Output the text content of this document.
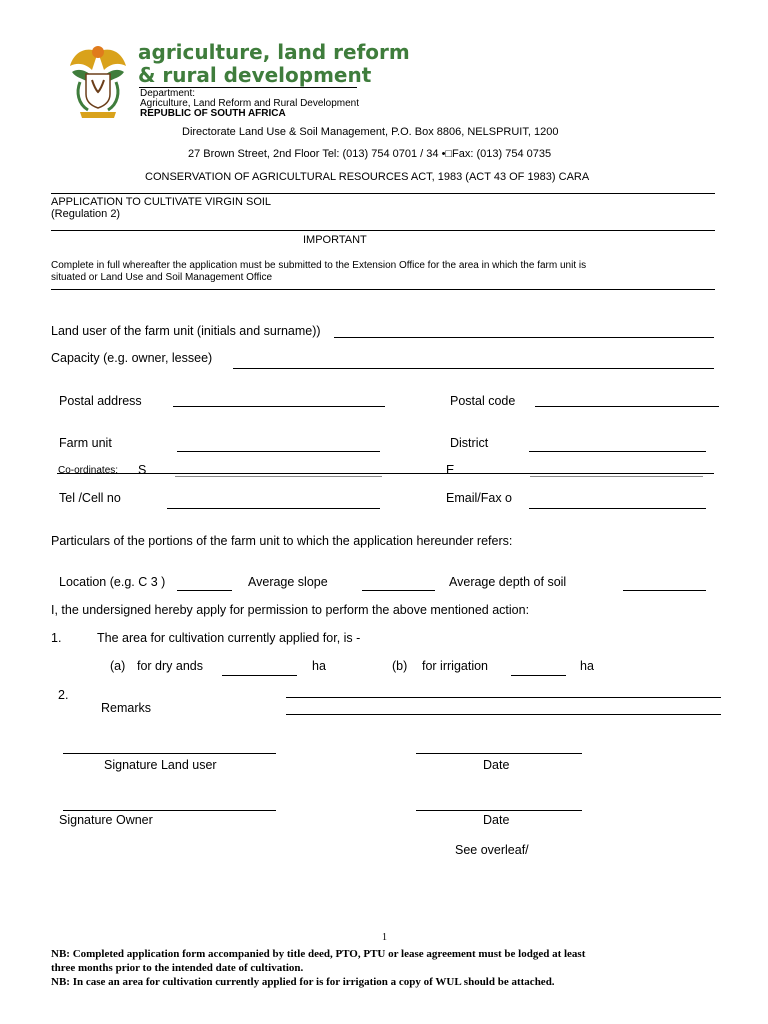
agriculture, land reform
& rural development
Department:
Agriculture, Land Reform and Rural Development
REPUBLIC OF SOUTH AFRICA
Directorate Land Use & Soil Management, P.O. Box 8806, NELSPRUIT, 1200
27 Brown Street, 2nd Floor Tel: (013) 754 0701 / 34 •□Fax: (013) 754 0735
CONSERVATION OF AGRICULTURAL RESOURCES ACT, 1983 (ACT 43 OF 1983) CARA
APPLICATION TO CULTIVATE VIRGIN SOIL
(Regulation 2)
IMPORTANT
Complete in full whereafter the application must be submitted to the Extension Office for the area in which the farm unit is
situated or Land Use and Soil Management Office
Land user of the farm unit (initials and surname))
Capacity (e.g. owner, lessee)
Postal address	Postal code
Farm unit	District
Co-ordinates: S	E
Tel /Cell no	Email/Fax o
Particulars of the portions of the farm unit to which the application hereunder refers:
Location (e.g. C 3 )	Average slope	Average depth of soil
I, the undersigned hereby apply for permission to perform the above mentioned action:
1.	The area for cultivation currently applied for, is -
(a) for dry ands	ha	(b) for irrigation	ha
2.
Remarks
Signature Land user	Date
Signature Owner	Date
See overleaf/
1
NB: Completed application form accompanied by title deed, PTO, PTU or lease agreement must be lodged at least
three months prior to the intended date of cultivation.
NB: In case an area for cultivation currently applied for is for irrigation a copy of WUL should be attached.
